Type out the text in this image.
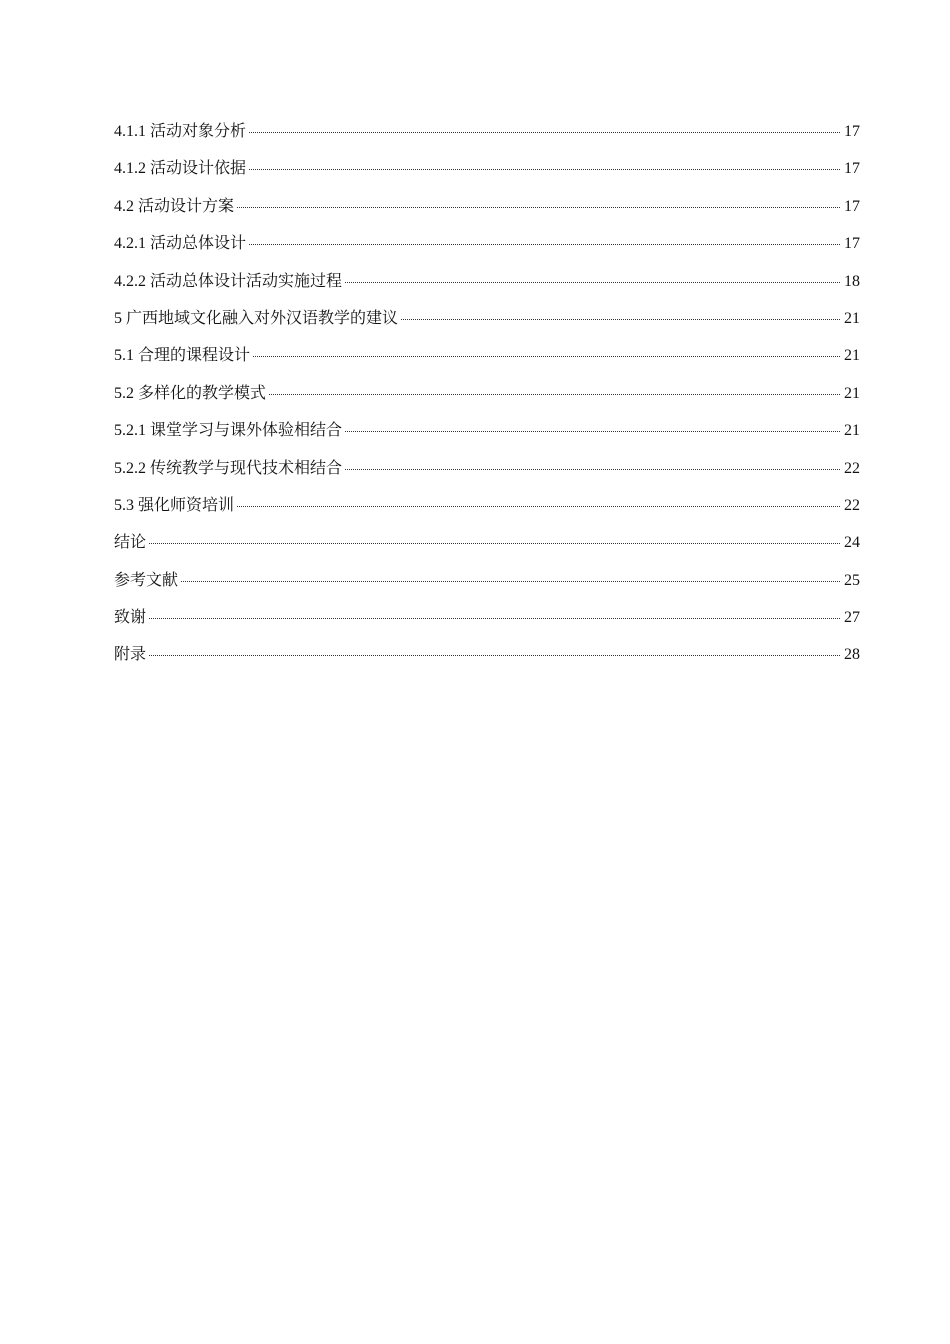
4.1.1 活动对象分析	17
4.1.2 活动设计依据	17
4.2 活动设计方案	17
4.2.1 活动总体设计	17
4.2.2 活动总体设计活动实施过程	18
5 广西地域文化融入对外汉语教学的建议	21
5.1 合理的课程设计	21
5.2 多样化的教学模式	21
5.2.1 课堂学习与课外体验相结合	21
5.2.2 传统教学与现代技术相结合	22
5.3 强化师资培训	22
结论	24
参考文献	25
致谢	27
附录	28
